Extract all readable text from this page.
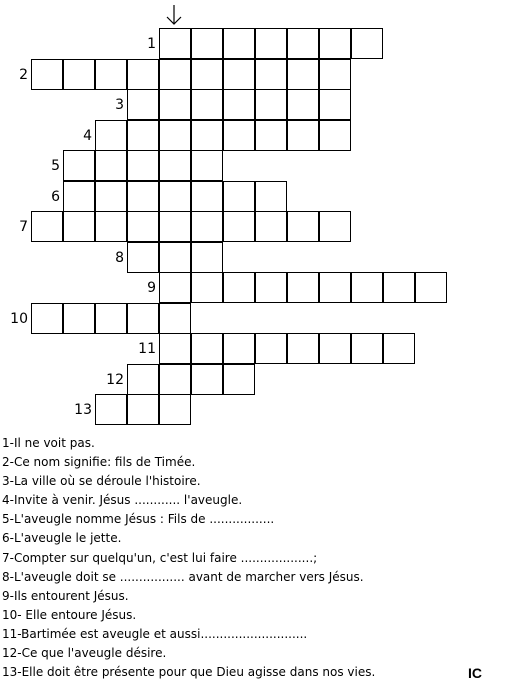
1
2
3
4
5
6
7
8
9
10
11
12
13
1-Il ne voit pas.
2-Ce nom signifie: fils de Timée.
3-La ville où se déroule l'histoire.
4-Invite à venir. Jésus ............ l'aveugle.
5-L'aveugle nomme Jésus : Fils de .................
6-L'aveugle le jette.
7-Compter sur quelqu'un, c'est lui faire ...................;
8-L'aveugle doit se ................. avant de marcher vers Jésus.
9-Ils entourent Jésus.
10- Elle entoure Jésus.
11-Bartimée est aveugle et aussi............................
12-Ce que l'aveugle désire.
13-Elle doit être présente pour que Dieu agisse dans nos vies.	IC
